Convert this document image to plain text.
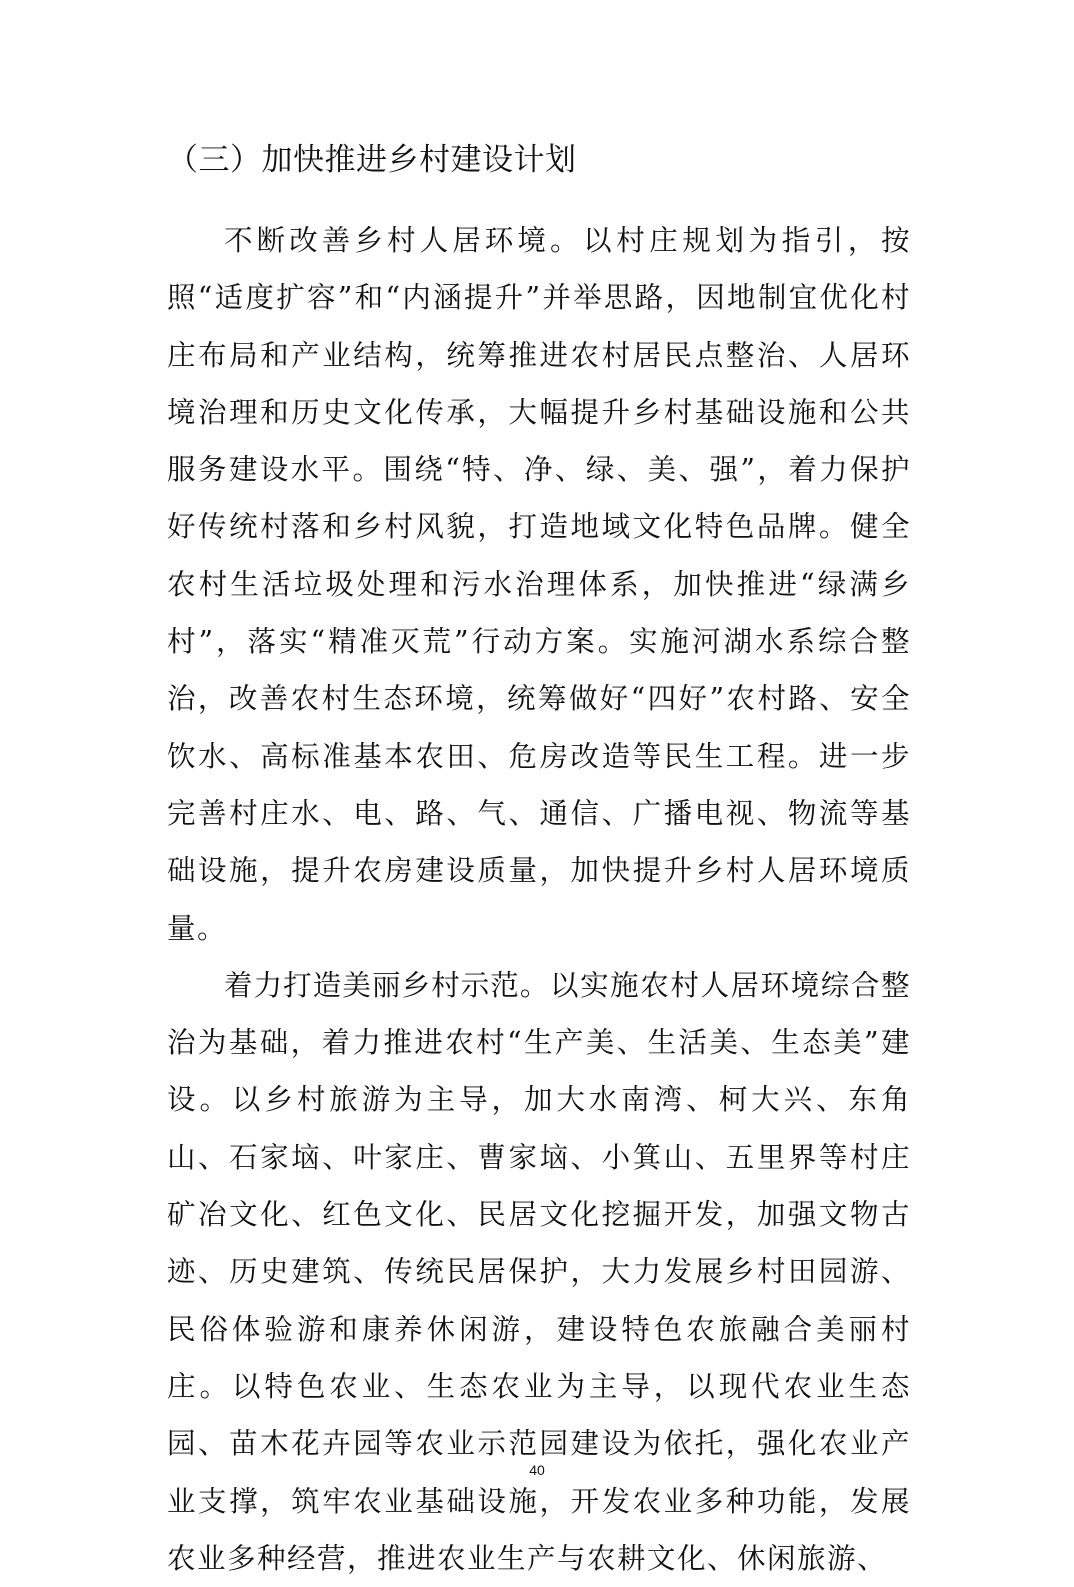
（三）加快推进乡村建设计划

不断改善乡村人居环境。以村庄规划为指引，按照“适度扩容”和“内涵提升”并举思路，因地制宜优化村庄布局和产业结构，统筹推进农村居民点整治、人居环境治理和历史文化传承，大幅提升乡村基础设施和公共服务建设水平。围绕“特、净、绿、美、强”，着力保护好传统村落和乡村风貌，打造地域文化特色品牌。健全农村生活垃圾处理和污水治理体系，加快推进“绿满乡村”，落实“精准灭荒”行动方案。实施河湖水系综合整治，改善农村生态环境，统筹做好“四好”农村路、安全饮水、高标准基本农田、危房改造等民生工程。进一步完善村庄水、电、路、气、通信、广播电视、物流等基础设施，提升农房建设质量，加快提升乡村人居环境质量。

着力打造美丽乡村示范。以实施农村人居环境综合整治为基础，着力推进农村“生产美、生活美、生态美”建设。以乡村旅游为主导，加大水南湾、柯大兴、东角山、石家垴、叶家庄、曹家垴、小箕山、五里界等村庄矿冶文化、红色文化、民居文化挖掘开发，加强文物古迹、历史建筑、传统民居保护，大力发展乡村田园游、民俗体验游和康养休闲游，建设特色农旅融合美丽村庄。以特色农业、生态农业为主导，以现代农业生态园、苗木花卉园等农业示范园建设为依托，强化农业产业支撑，筑牢农业基础设施，开发农业多种功能，发展农业多种经营，推进农业生产与农耕文化、休闲旅游、

40
